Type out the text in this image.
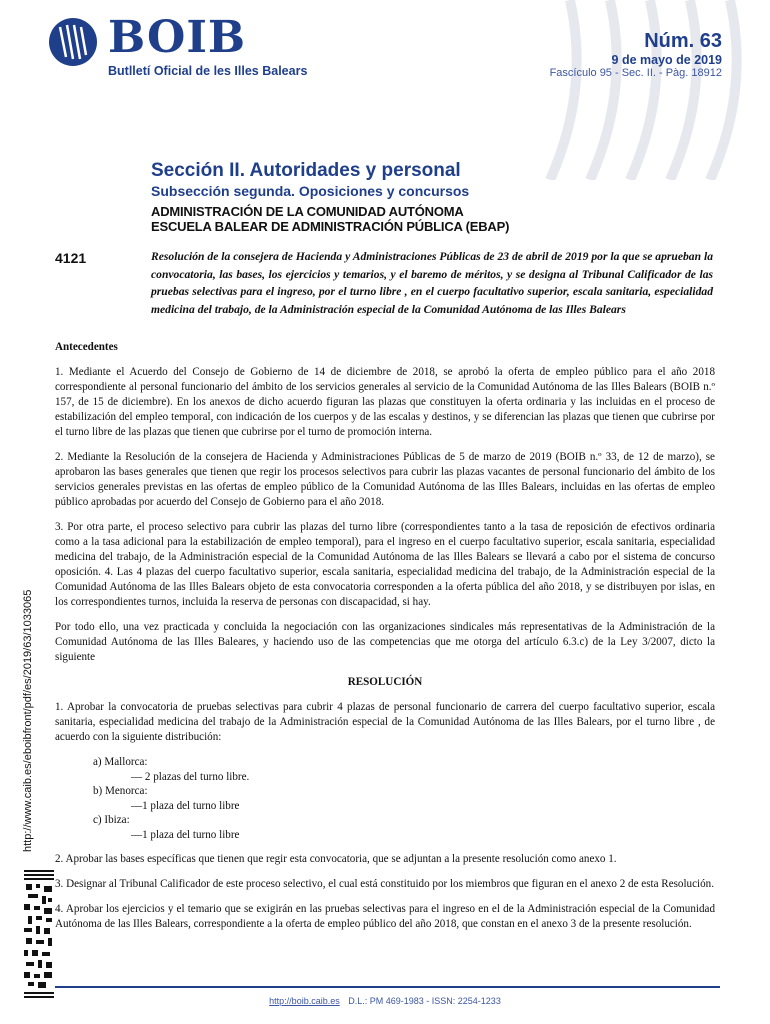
BOIB
Butlletí Oficial de les Illes Balears
Núm. 63
9 de mayo de 2019
Fascículo 95 - Sec. II. - Pàg. 18912
Sección II. Autoridades y personal
Subsección segunda. Oposiciones y concursos
ADMINISTRACIÓN DE LA COMUNIDAD AUTÓNOMA
ESCUELA BALEAR DE ADMINISTRACIÓN PÚBLICA (EBAP)
4121	Resolución de la consejera de Hacienda y Administraciones Públicas de 23 de abril de 2019 por la que se aprueban la convocatoria, las bases, los ejercicios y temarios, y el baremo de méritos, y se designa al Tribunal Calificador de las pruebas selectivas para el ingreso, por el turno libre , en el cuerpo facultativo superior, escala sanitaria, especialidad medicina del trabajo, de la Administración especial de la Comunidad Autónoma de las Illes Balears

Antecedentes

1. Mediante el Acuerdo del Consejo de Gobierno de 14 de diciembre de 2018, se aprobó la oferta de empleo público para el año 2018 correspondiente al personal funcionario del ámbito de los servicios generales al servicio de la Comunidad Autónoma de las Illes Balears (BOIB n.º 157, de 15 de diciembre). En los anexos de dicho acuerdo figuran las plazas que constituyen la oferta ordinaria y las incluidas en el proceso de estabilización del empleo temporal, con indicación de los cuerpos y de las escalas y destinos, y se diferencian las plazas que tienen que cubrirse por el turno libre de las plazas que tienen que cubrirse por el turno de promoción interna.

2. Mediante la Resolución de la consejera de Hacienda y Administraciones Públicas de 5 de marzo de 2019 (BOIB n.º 33, de 12 de marzo), se aprobaron las bases generales que tienen que regir los procesos selectivos para cubrir las plazas vacantes de personal funcionario del ámbito de los servicios generales previstas en las ofertas de empleo público de la Comunidad Autónoma de las Illes Balears, incluidas en las ofertas de empleo público aprobadas por acuerdo del Consejo de Gobierno para el año 2018.

3. Por otra parte, el proceso selectivo para cubrir las plazas del turno libre (correspondientes tanto a la tasa de reposición de efectivos ordinaria como a la tasa adicional para la estabilización de empleo temporal), para el ingreso en el cuerpo facultativo superior, escala sanitaria, especialidad medicina del trabajo, de la Administración especial de la Comunidad Autónoma de las Illes Balears se llevará a cabo por el sistema de concurso oposición. 4. Las 4 plazas del cuerpo facultativo superior, escala sanitaria, especialidad medicina del trabajo, de la Administración especial de la Comunidad Autónoma de las Illes Balears objeto de esta convocatoria corresponden a la oferta pública del año 2018, y se distribuyen por islas, en los correspondientes turnos, incluida la reserva de personas con discapacidad, si hay.

Por todo ello, una vez practicada y concluida la negociación con las organizaciones sindicales más representativas de la Administración de la Comunidad Autónoma de las Illes Baleares, y haciendo uso de las competencias que me otorga del artículo 6.3.c) de la Ley 3/2007, dicto la siguiente

RESOLUCIÓN

1. Aprobar la convocatoria de pruebas selectivas para cubrir 4 plazas de personal funcionario de carrera del cuerpo facultativo superior, escala sanitaria, especialidad medicina del trabajo de la Administración especial de la Comunidad Autónoma de las Illes Balears, por el turno libre , de acuerdo con la siguiente distribución:

a) Mallorca:
— 2 plazas del turno libre.
b) Menorca:
—1 plaza del turno libre
c) Ibiza:
—1 plaza del turno libre

2. Aprobar las bases específicas que tienen que regir esta convocatoria, que se adjuntan a la presente resolución como anexo 1.

3. Designar al Tribunal Calificador de este proceso selectivo, el cual está constituido por los miembros que figuran en el anexo 2 de esta Resolución.

4. Aprobar los ejercicios y el temario que se exigirán en las pruebas selectivas para el ingreso en el de la Administración especial de la Comunidad Autónoma de las Illes Balears, correspondiente a la oferta de empleo público del año 2018, que constan en el anexo 3 de la presente resolución.

http://www.caib.es/eboibfront/pdf/es/2019/63/1033065
http://boib.caib.es D.L.: PM 469-1983 - ISSN: 2254-1233
